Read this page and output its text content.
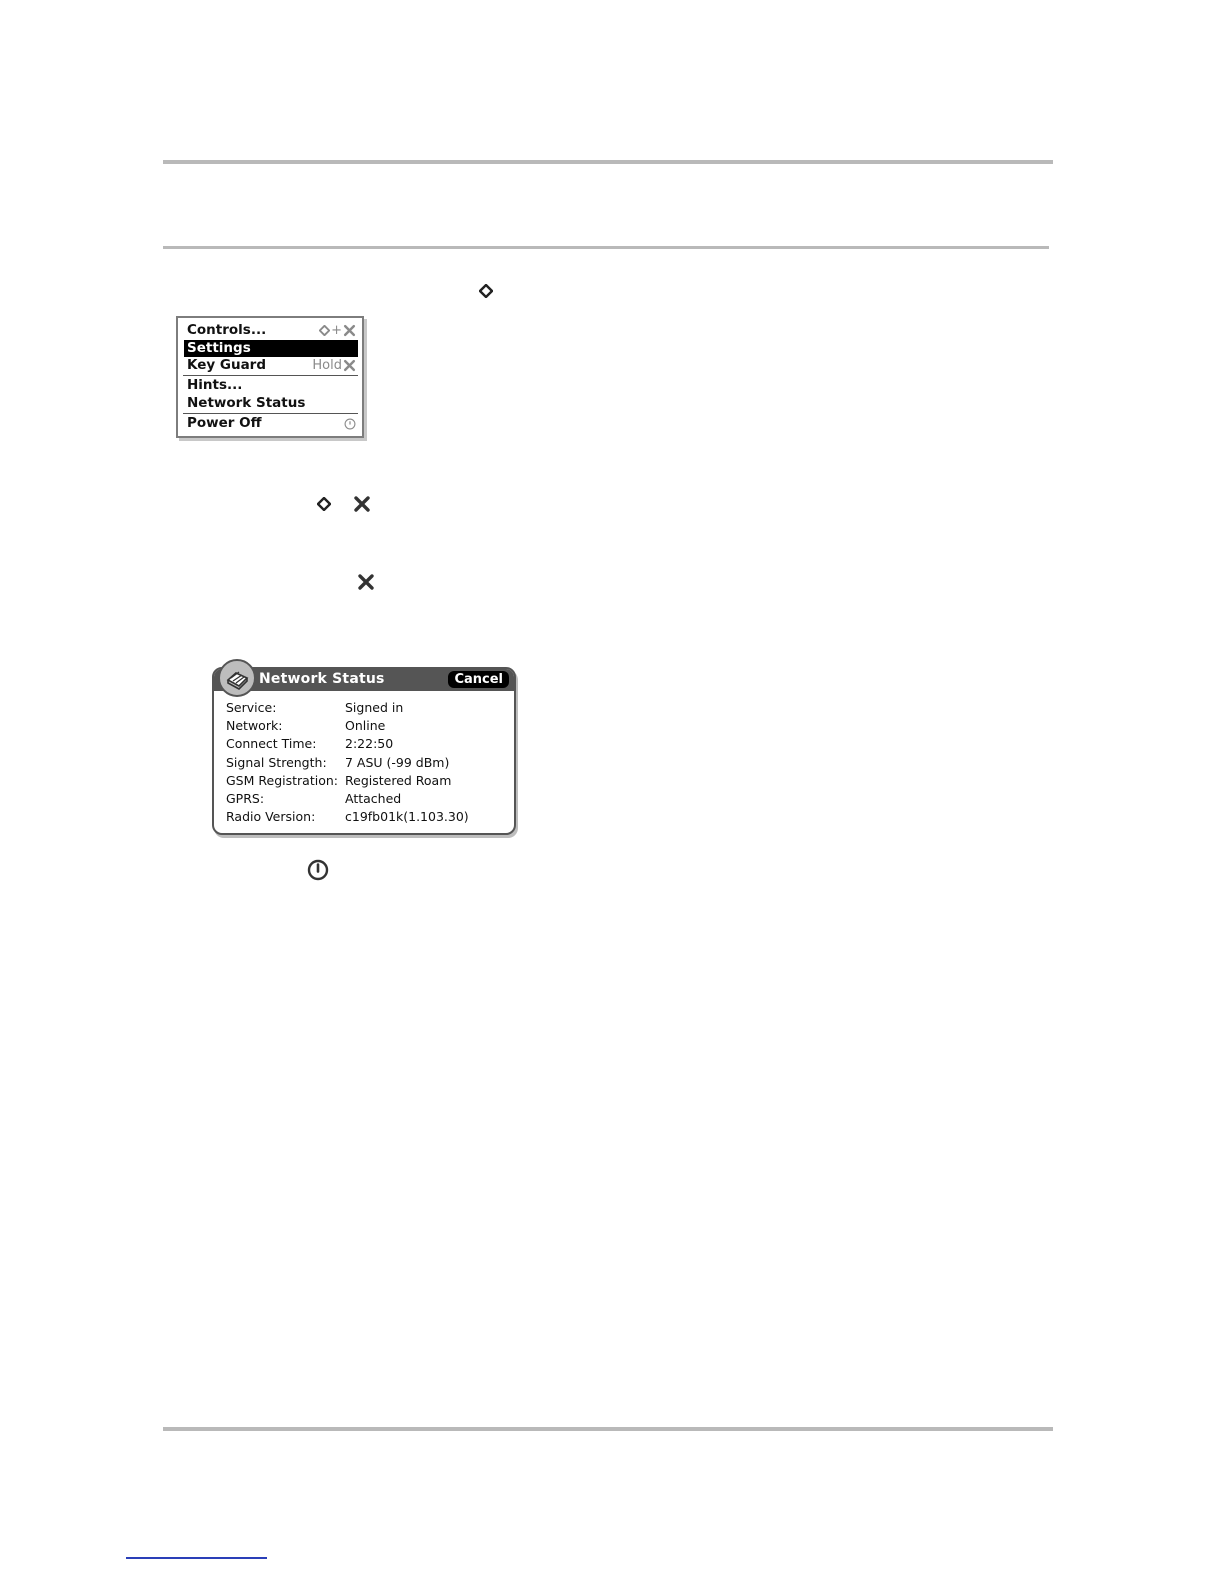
Controls...	+
Settings
Key Guard	Hold
Hints...
Network Status
Power Off
Network Status	Cancel
Service:	Signed in
Network:	Online
Connect Time: 2:22:50
Signal Strength: 7 ASU (-99 dBm)
GSM Registration: Registered Roam
GPRS:	Attached
Radio Version: c19fb01k(1.103.30)
